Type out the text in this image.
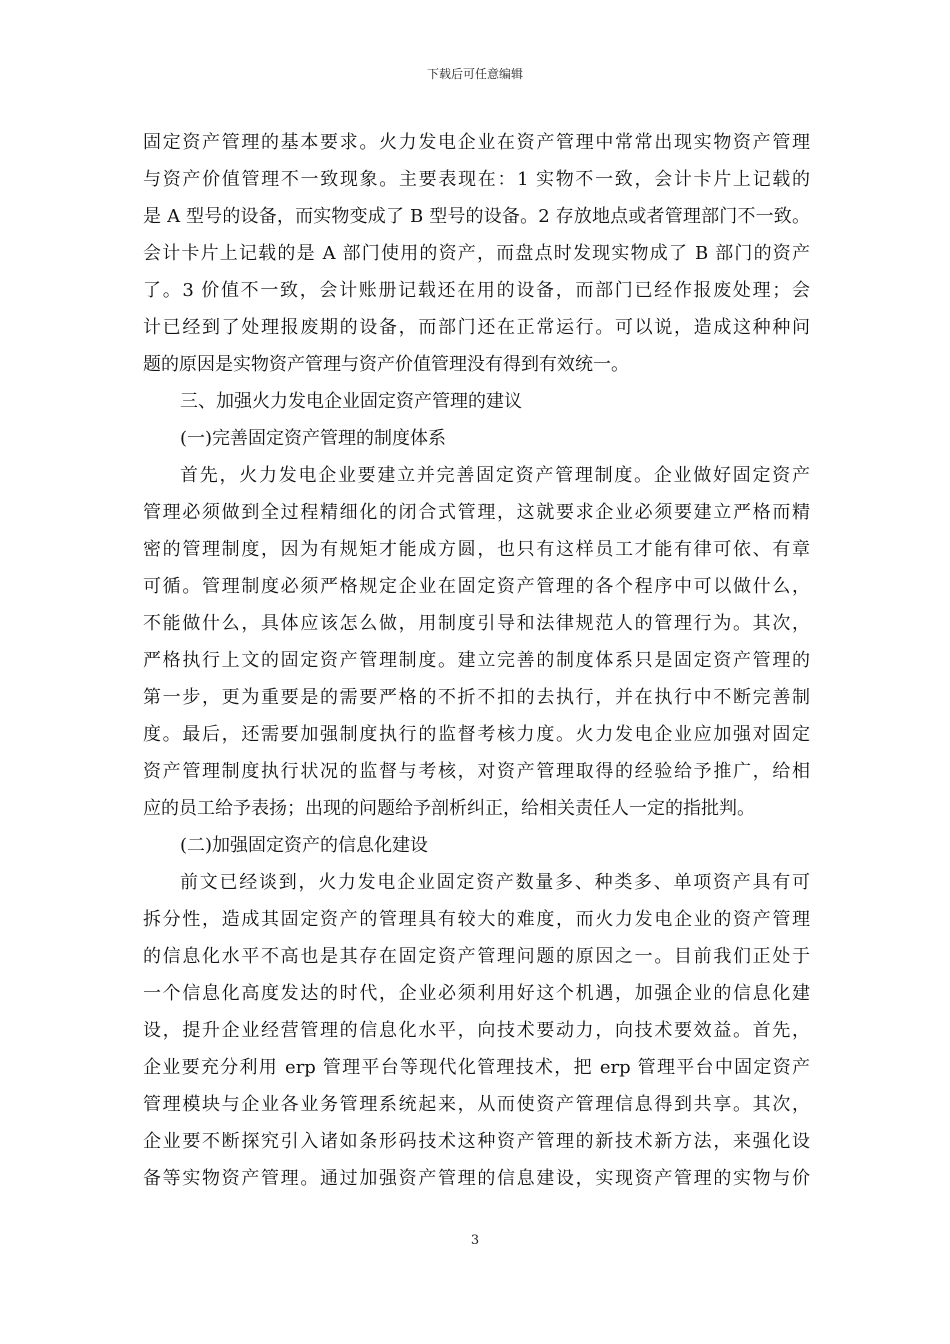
下载后可任意编辑
固定资产管理的基本要求。火力发电企业在资产管理中常常出现实物资产管理
与资产价值管理不一致现象。主要表现在：1 实物不一致，会计卡片上记载的
是 A 型号的设备，而实物变成了 B 型号的设备。2 存放地点或者管理部门不一致。
会计卡片上记载的是 A 部门使用的资产，而盘点时发现实物成了 B 部门的资产
了。3 价值不一致，会计账册记载还在用的设备，而部门已经作报废处理；会
计已经到了处理报废期的设备，而部门还在正常运行。可以说，造成这种种问
题的原因是实物资产管理与资产价值管理没有得到有效统一。
三、加强火力发电企业固定资产管理的建议
(一)完善固定资产管理的制度体系
首先，火力发电企业要建立并完善固定资产管理制度。企业做好固定资产
管理必须做到全过程精细化的闭合式管理，这就要求企业必须要建立严格而精
密的管理制度，因为有规矩才能成方圆，也只有这样员工才能有律可依、有章
可循。管理制度必须严格规定企业在固定资产管理的各个程序中可以做什么，
不能做什么，具体应该怎么做，用制度引导和法律规范人的管理行为。其次，
严格执行上文的固定资产管理制度。建立完善的制度体系只是固定资产管理的
第一步，更为重要是的需要严格的不折不扣的去执行，并在执行中不断完善制
度。最后，还需要加强制度执行的监督考核力度。火力发电企业应加强对固定
资产管理制度执行状况的监督与考核，对资产管理取得的经验给予推广，给相
应的员工给予表扬；出现的问题给予剖析纠正，给相关责任人一定的指批判。
(二)加强固定资产的信息化建设
前文已经谈到，火力发电企业固定资产数量多、种类多、单项资产具有可
拆分性，造成其固定资产的管理具有较大的难度，而火力发电企业的资产管理
的信息化水平不高也是其存在固定资产管理问题的原因之一。目前我们正处于
一个信息化高度发达的时代，企业必须利用好这个机遇，加强企业的信息化建
设，提升企业经营管理的信息化水平，向技术要动力，向技术要效益。首先，
企业要充分利用 erp 管理平台等现代化管理技术，把 erp 管理平台中固定资产
管理模块与企业各业务管理系统起来，从而使资产管理信息得到共享。其次，
企业要不断探究引入诸如条形码技术这种资产管理的新技术新方法，来强化设
备等实物资产管理。通过加强资产管理的信息建设，实现资产管理的实物与价
3
